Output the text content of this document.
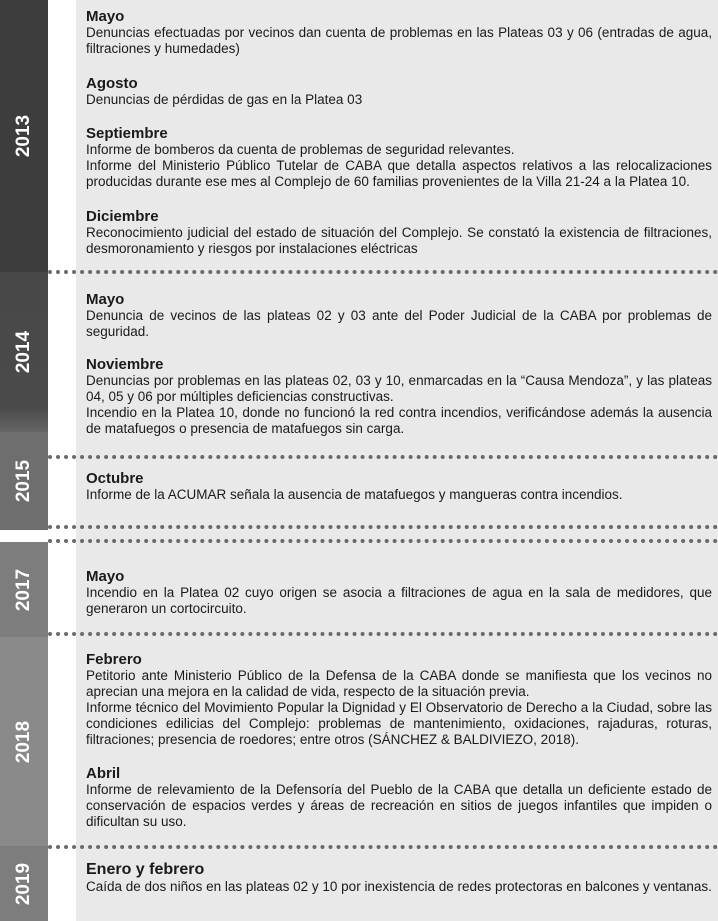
2013
2014
2015
2017
2018
2019

Mayo

Denuncias efectuadas por vecinos dan cuenta de problemas en las Plateas 03 y 06 (entradas de agua, filtraciones y humedades)

Agosto

Denuncias de pérdidas de gas en la Platea 03

Septiembre

Informe de bomberos da cuenta de problemas de seguridad relevantes.

Informe del Ministerio Público Tutelar de CABA que detalla aspectos relativos a las relocalizaciones producidas durante ese mes al Complejo de 60 familias provenientes de la Villa 21-24 a la Platea 10.

Diciembre

Reconocimiento judicial del estado de situación del Complejo. Se constató la existencia de filtraciones, desmoronamiento y riesgos por instalaciones eléctricas

Mayo

Denuncia de vecinos de las plateas 02 y 03 ante del Poder Judicial de la CABA por problemas de seguridad.

Noviembre

Denuncias por problemas en las plateas 02, 03 y 10, enmarcadas en la “Causa Mendoza”, y las plateas 04, 05 y 06 por múltiples deficiencias constructivas.

Incendio en la Platea 10, donde no funcionó la red contra incendios, verificándose además la ausencia de matafuegos o presencia de matafuegos sin carga.

Octubre

Informe de la ACUMAR señala la ausencia de matafuegos y mangueras contra incendios.

Mayo

Incendio en la Platea 02 cuyo origen se asocia a filtraciones de agua en la sala de medidores, que generaron un cortocircuito.

Febrero

Petitorio ante Ministerio Público de la Defensa de la CABA donde se manifiesta que los vecinos no aprecian una mejora en la calidad de vida, respecto de la situación previa.

Informe técnico del Movimiento Popular la Dignidad y El Observatorio de Derecho a la Ciudad, sobre las condiciones edilicias del Complejo: problemas de mantenimiento, oxidaciones, rajaduras, roturas, filtraciones; presencia de roedores; entre otros (SÁNCHEZ & BALDIVIEZO, 2018).

Abril

Informe de relevamiento de la Defensoría del Pueblo de la CABA que detalla un deficiente estado de conservación de espacios verdes y áreas de recreación en sitios de juegos infantiles que impiden o dificultan su uso.

Enero y febrero

Caída de dos niños en las plateas 02 y 10 por inexistencia de redes protectoras en balcones y ventanas.
